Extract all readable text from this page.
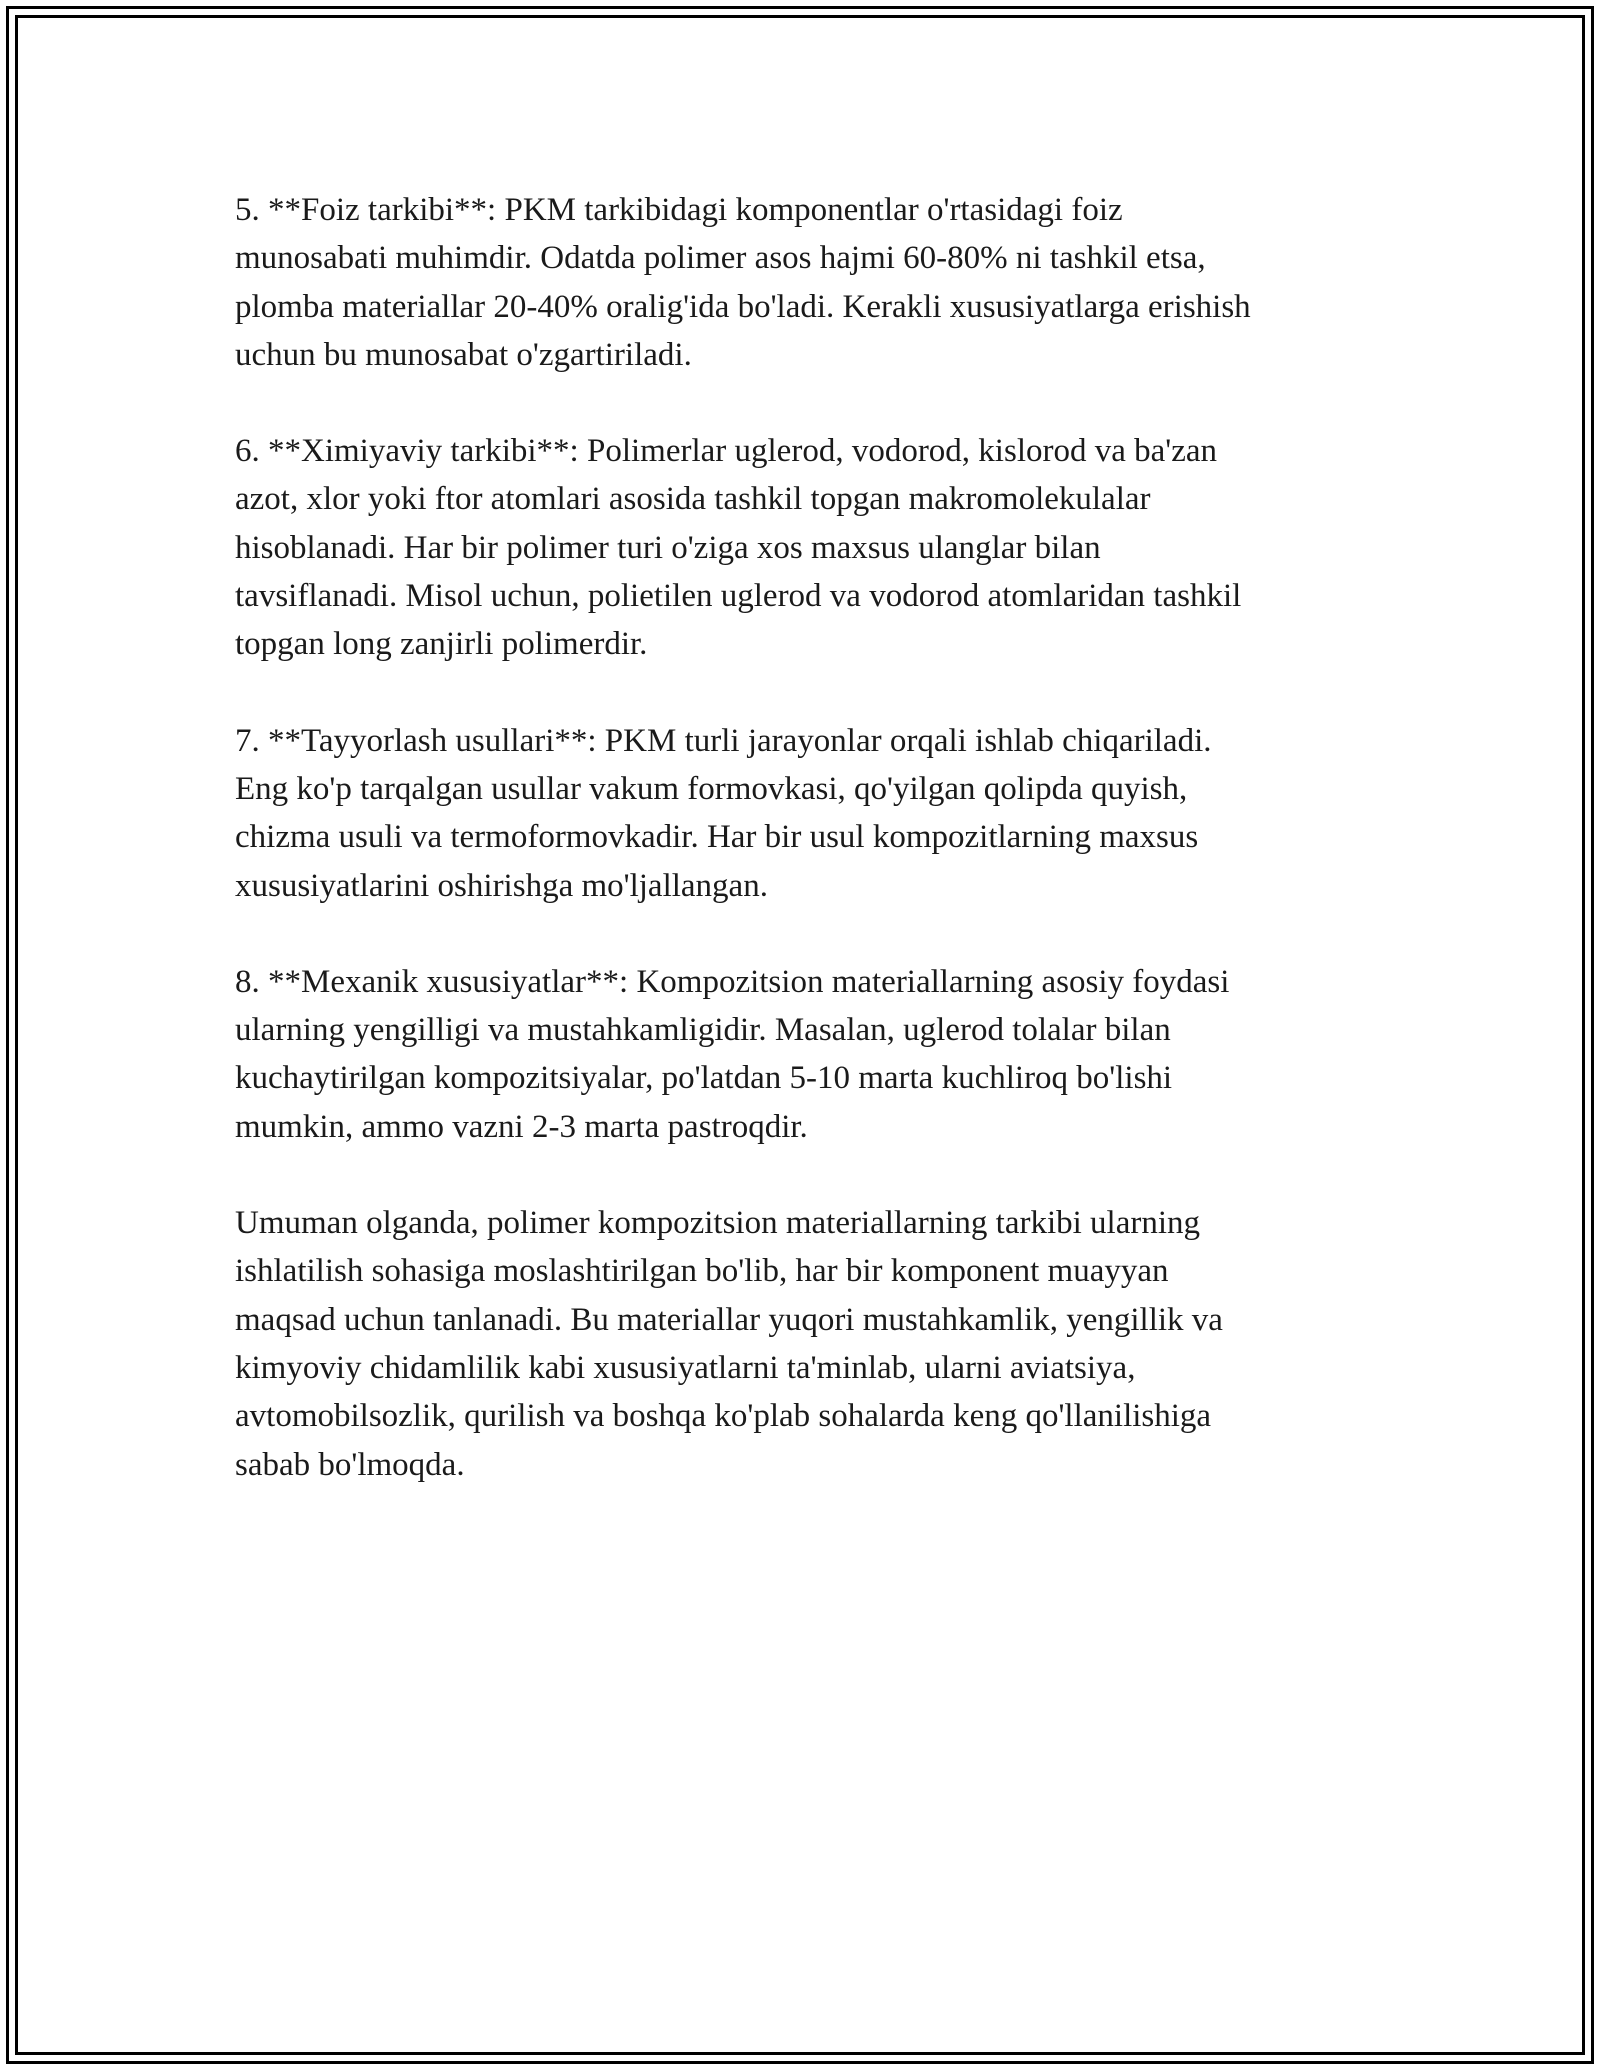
5. **Foiz tarkibi**: PKM tarkibidagi komponentlar o'rtasidagi foiz
munosabati muhimdir. Odatda polimer asos hajmi 60-80% ni tashkil etsa,
plomba materiallar 20-40% oralig'ida bo'ladi. Kerakli xususiyatlarga erishish
uchun bu munosabat o'zgartiriladi.

6. **Ximiyaviy tarkibi**: Polimerlar uglerod, vodorod, kislorod va ba'zan
azot, xlor yoki ftor atomlari asosida tashkil topgan makromolekulalar
hisoblanadi. Har bir polimer turi o'ziga xos maxsus ulanglar bilan
tavsiflanadi. Misol uchun, polietilen uglerod va vodorod atomlaridan tashkil
topgan long zanjirli polimerdir.

7. **Tayyorlash usullari**: PKM turli jarayonlar orqali ishlab chiqariladi.
Eng ko'p tarqalgan usullar vakum formovkasi, qo'yilgan qolipda quyish,
chizma usuli va termoformovkadir. Har bir usul kompozitlarning maxsus
xususiyatlarini oshirishga mo'ljallangan.

8. **Mexanik xususiyatlar**: Kompozitsion materiallarning asosiy foydasi
ularning yengilligi va mustahkamligidir. Masalan, uglerod tolalar bilan
kuchaytirilgan kompozitsiyalar, po'latdan 5-10 marta kuchliroq bo'lishi
mumkin, ammo vazni 2-3 marta pastroqdir.

Umuman olganda, polimer kompozitsion materiallarning tarkibi ularning
ishlatilish sohasiga moslashtirilgan bo'lib, har bir komponent muayyan
maqsad uchun tanlanadi. Bu materiallar yuqori mustahkamlik, yengillik va
kimyoviy chidamlilik kabi xususiyatlarni ta'minlab, ularni aviatsiya,
avtomobilsozlik, qurilish va boshqa ko'plab sohalarda keng qo'llanilishiga
sabab bo'lmoqda.
